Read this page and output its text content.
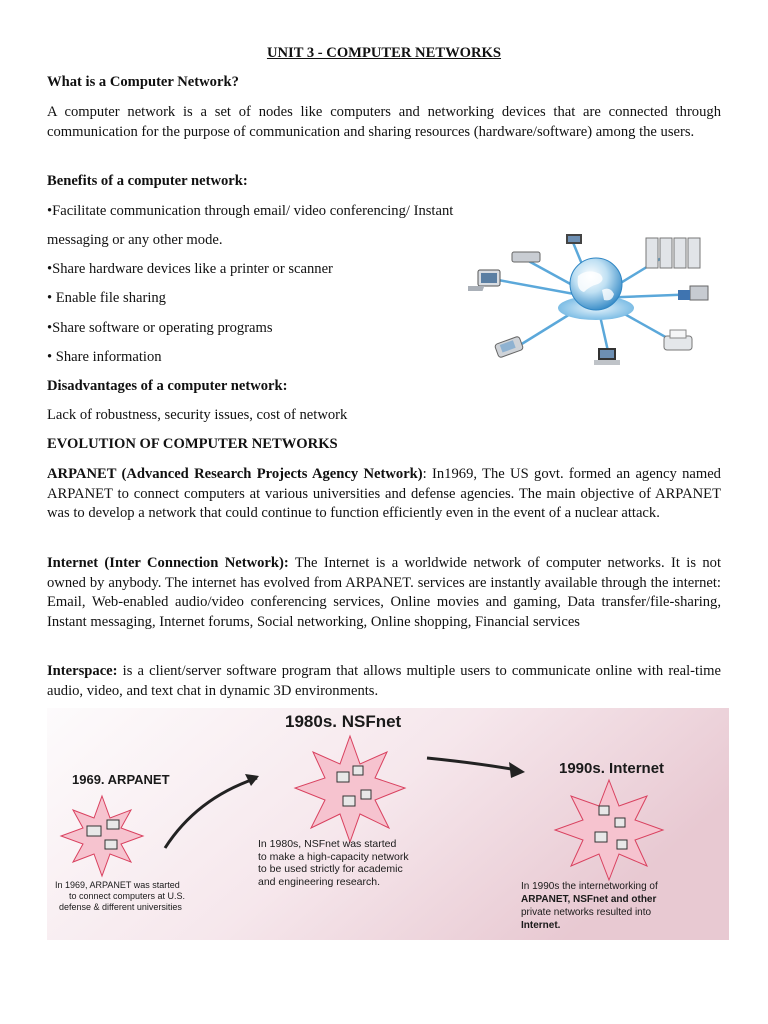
UNIT 3 - COMPUTER NETWORKS
What is a Computer Network?
A computer network is a set of nodes like computers and networking devices that are connected through communication for the purpose of communication and sharing resources (hardware/software) among the users.
Benefits of a computer network:
•Facilitate communication through email/ video conferencing/ Instant
messaging or any other mode.
•Share hardware devices like a printer or scanner
• Enable file sharing
•Share software or operating programs
• Share information
Disadvantages of a computer network:
Lack of robustness, security issues, cost of network
EVOLUTION OF COMPUTER NETWORKS
ARPANET (Advanced Research Projects Agency Network): In1969, The US govt. formed an agency named ARPANET to connect computers at various universities and defense agencies. The main objective of ARPANET was to develop a network that could continue to function efficiently even in the event of a nuclear attack.
Internet (Inter Connection Network): The Internet is a worldwide network of computer networks. It is not owned by anybody. The internet has evolved from ARPANET. services are instantly available through the internet: Email, Web-enabled audio/video conferencing services, Online movies and gaming, Data transfer/file-sharing, Instant messaging, Internet forums, Social networking, Online shopping, Financial services
Interspace: is a client/server software program that allows multiple users to communicate online with real-time audio, video, and text chat in dynamic 3D environments.
1969. ARPANET
In 1969, ARPANET was started
to connect computers at U.S.
defense & different universities
1980s. NSFnet
In 1980s, NSFnet was started
to make a high-capacity network
to be used strictly for academic
and engineering research.
1990s. Internet
In 1990s the internetworking of
ARPANET, NSFnet and other
private networks resulted into
Internet.
